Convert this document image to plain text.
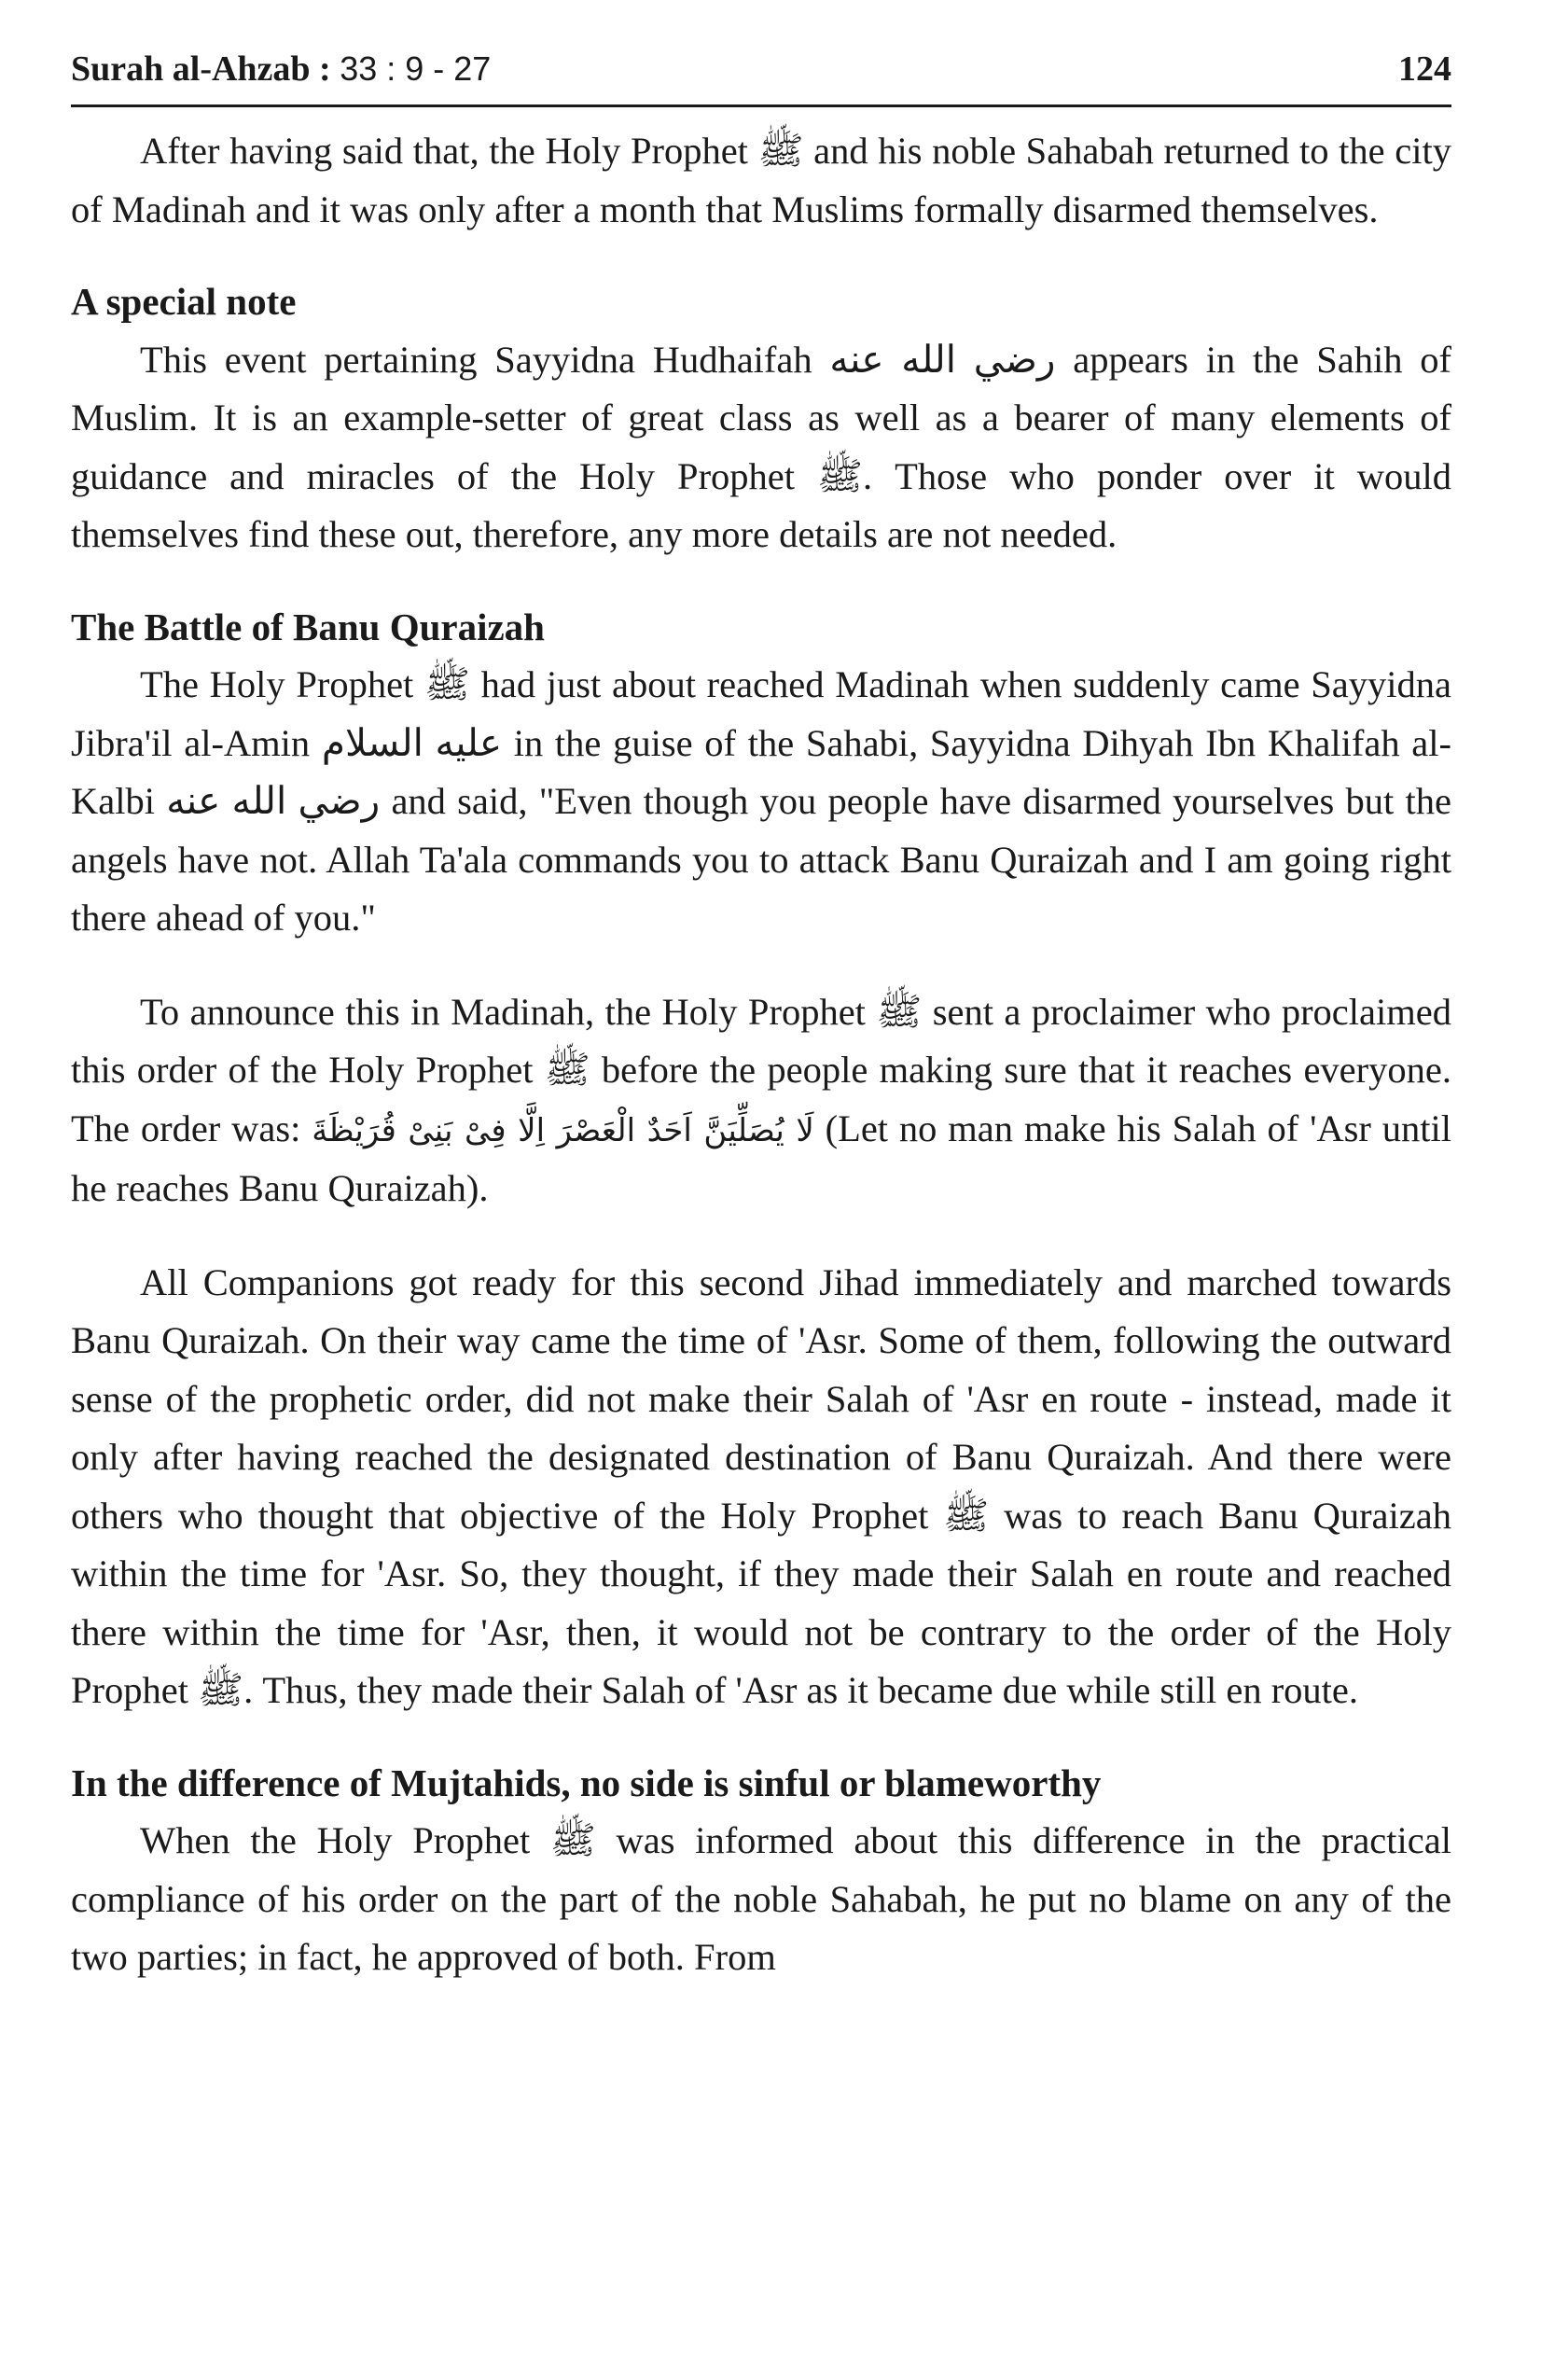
Surah al-Ahzab : 33 : 9 - 27	124

After having said that, the Holy Prophet ﷺ and his noble Sahabah returned to the city of Madinah and it was only after a month that Muslims formally disarmed themselves.

A special note

This event pertaining Sayyidna Hudhaifah رضي الله عنه appears in the Sahih of Muslim. It is an example-setter of great class as well as a bearer of many elements of guidance and miracles of the Holy Prophet ﷺ. Those who ponder over it would themselves find these out, therefore, any more details are not needed.

The Battle of Banu Quraizah

The Holy Prophet ﷺ had just about reached Madinah when suddenly came Sayyidna Jibra'il al-Amin عليه السلام in the guise of the Sahabi, Sayyidna Dihyah Ibn Khalifah al-Kalbi رضي الله عنه and said, "Even though you people have disarmed yourselves but the angels have not. Allah Ta'ala commands you to attack Banu Quraizah and I am going right there ahead of you."

To announce this in Madinah, the Holy Prophet ﷺ sent a proclaimer who proclaimed this order of the Holy Prophet ﷺ before the people making sure that it reaches everyone. The order was: لَا يُصَلِّيَنَّ اَحَدٌ الْعَصْرَ اِلَّا فِىْ بَنِىْ قُرَيْظَةَ (Let no man make his Salah of 'Asr until he reaches Banu Quraizah).

All Companions got ready for this second Jihad immediately and marched towards Banu Quraizah. On their way came the time of 'Asr. Some of them, following the outward sense of the prophetic order, did not make their Salah of 'Asr en route - instead, made it only after having reached the designated destination of Banu Quraizah. And there were others who thought that objective of the Holy Prophet ﷺ was to reach Banu Quraizah within the time for 'Asr. So, they thought, if they made their Salah en route and reached there within the time for 'Asr, then, it would not be contrary to the order of the Holy Prophet ﷺ. Thus, they made their Salah of 'Asr as it became due while still en route.

In the difference of Mujtahids, no side is sinful or blameworthy

When the Holy Prophet ﷺ was informed about this difference in the practical compliance of his order on the part of the noble Sahabah, he put no blame on any of the two parties; in fact, he approved of both. From
